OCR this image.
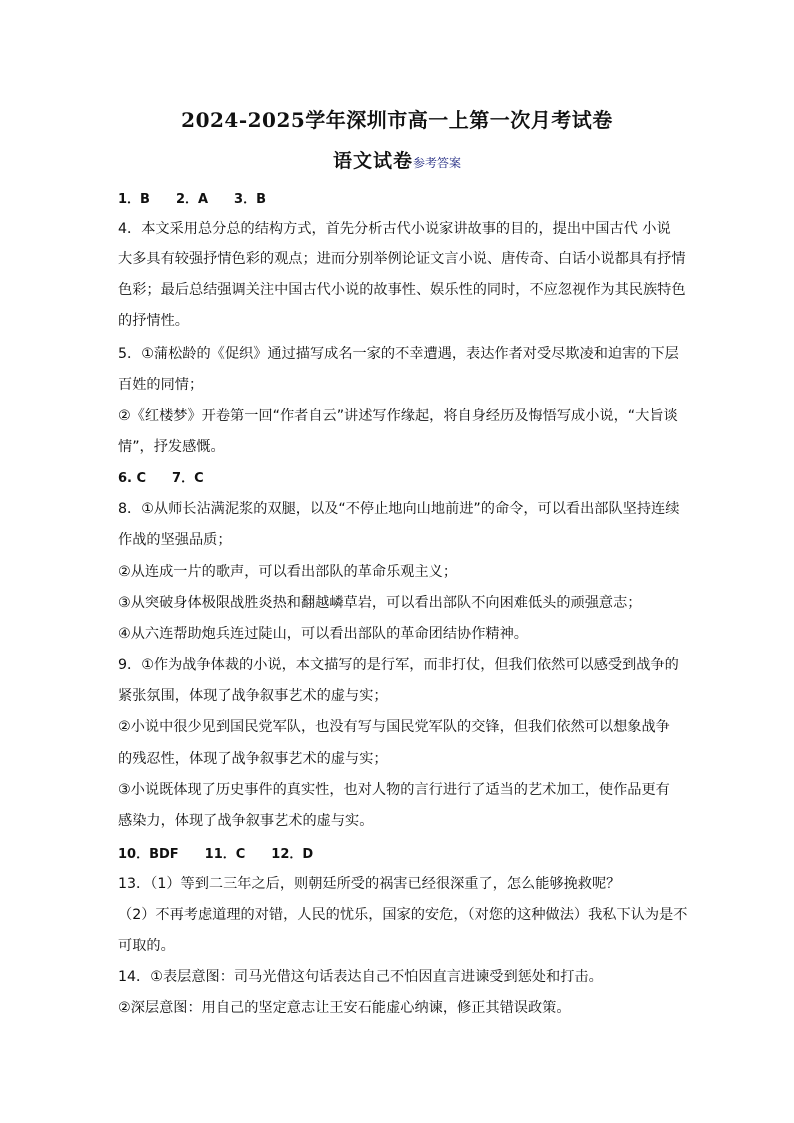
2024-2025学年深圳市高一上第一次月考试卷
语文试卷参考答案
1．B　　2．A　　3．B
4．本文采用总分总的结构方式，首先分析古代小说家讲故事的目的，提出中国古代 小说
大多具有较强抒情色彩的观点；进而分别举例论证文言小说、唐传奇、白话小说都具有抒情
色彩；最后总结强调关注中国古代小说的故事性、娱乐性的同时，不应忽视作为其民族特色
的抒情性。
5．①蒲松龄的《促织》通过描写成名一家的不幸遭遇，表达作者对受尽欺凌和迫害的下层
百姓的同情；
②《红楼梦》开卷第一回“作者自云”讲述写作缘起，将自身经历及悔悟写成小说，“大旨谈
情”，抒发感慨。
6. C　　7．C
8．①从师长沾满泥浆的双腿，以及“不停止地向山地前进”的命令，可以看出部队坚持连续
作战的坚强品质；
②从连成一片的歌声，可以看出部队的革命乐观主义；
③从突破身体极限战胜炎热和翻越嶙草岩，可以看出部队不向困难低头的顽强意志；
④从六连帮助炮兵连过陡山，可以看出部队的革命团结协作精神。
9．①作为战争体裁的小说，本文描写的是行军，而非打仗，但我们依然可以感受到战争的
紧张氛围，体现了战争叙事艺术的虚与实；
②小说中很少见到国民党军队，也没有写与国民党军队的交锋，但我们依然可以想象战争
的残忍性，体现了战争叙事艺术的虚与实；
③小说既体现了历史事件的真实性，也对人物的言行进行了适当的艺术加工，使作品更有
感染力，体现了战争叙事艺术的虚与实。
10．BDF　　11．C　　12．D
13．（1）等到二三年之后，则朝廷所受的祸害已经很深重了，怎么能够挽救呢？
（2）不再考虑道理的对错，人民的忧乐，国家的安危，（对您的这种做法）我私下认为是不
可取的。
14．①表层意图：司马光借这句话表达自己不怕因直言进谏受到惩处和打击。
②深层意图：用自己的坚定意志让王安石能虚心纳谏，修正其错误政策。
